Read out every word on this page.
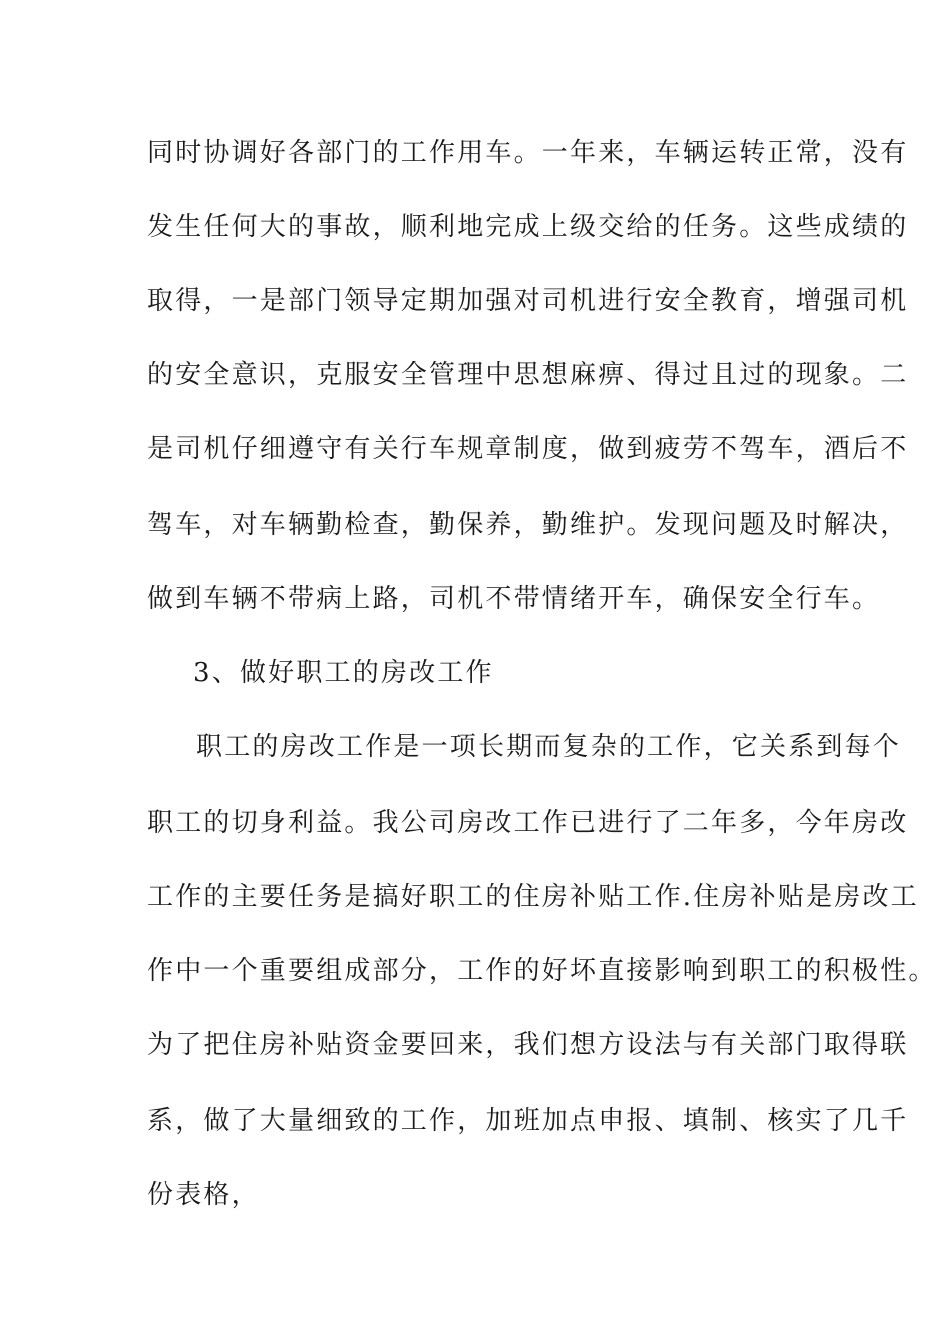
同时协调好各部门的工作用车。一年来，车辆运转正常，没有
发生任何大的事故，顺利地完成上级交给的任务。这些成绩的
取得，一是部门领导定期加强对司机进行安全教育，增强司机
的安全意识，克服安全管理中思想麻痹、得过且过的现象。二
是司机仔细遵守有关行车规章制度，做到疲劳不驾车，酒后不
驾车，对车辆勤检查，勤保养，勤维护。发现问题及时解决，
做到车辆不带病上路，司机不带情绪开车，确保安全行车。
3、做好职工的房改工作
职工的房改工作是一项长期而复杂的工作，它关系到每个
职工的切身利益。我公司房改工作已进行了二年多，今年房改
工作的主要任务是搞好职工的住房补贴工作.住房补贴是房改工
作中一个重要组成部分，工作的好坏直接影响到职工的积极性。
为了把住房补贴资金要回来，我们想方设法与有关部门取得联
系，做了大量细致的工作，加班加点申报、填制、核实了几千
份表格，
